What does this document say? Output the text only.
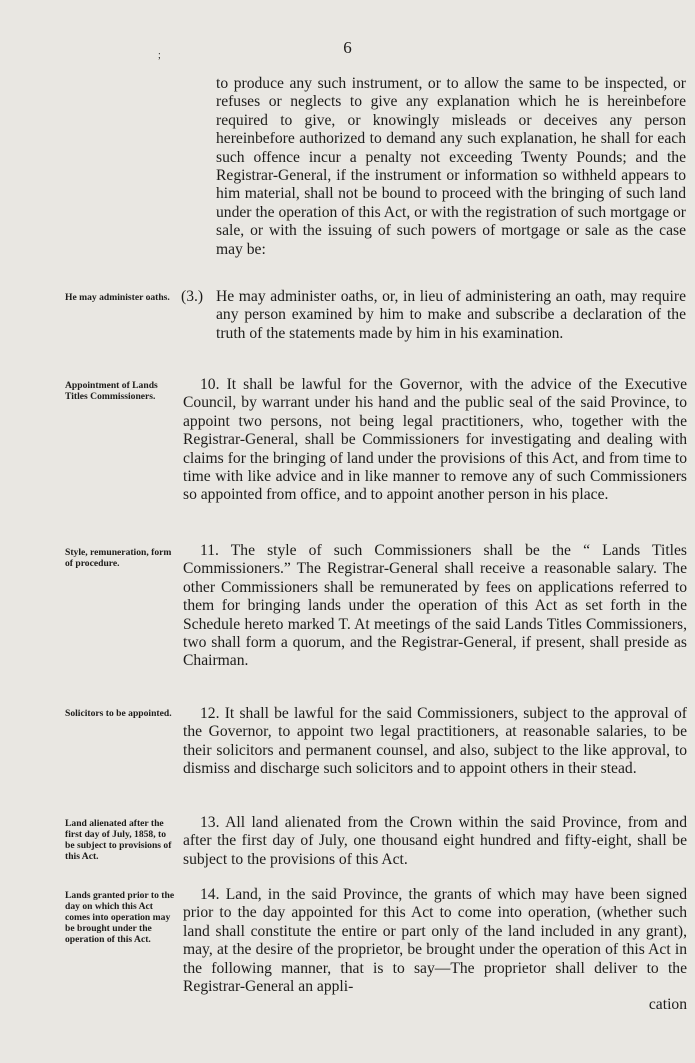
6
;
to produce any such instrument, or to allow the same to be inspected, or refuses or neglects to give any explanation which he is hereinbefore required to give, or knowingly misleads or deceives any person hereinbefore authorized to demand any such explanation, he shall for each such offence incur a penalty not exceeding Twenty Pounds; and the Registrar-General, if the instrument or information so withheld appears to him material, shall not be bound to proceed with the bringing of such land under the operation of this Act, or with the registration of such mortgage or sale, or with the issuing of such powers of mortgage or sale as the case may be:
He may administer oaths. (3.) He may administer oaths, or, in lieu of administering an oath, may require any person examined by him to make and subscribe a declaration of the truth of the statements made by him in his examination.
Appointment of Lands Titles Commissioners.
10. It shall be lawful for the Governor, with the advice of the Executive Council, by warrant under his hand and the public seal of the said Province, to appoint two persons, not being legal practitioners, who, together with the Registrar-General, shall be Commissioners for investigating and dealing with claims for the bringing of land under the provisions of this Act, and from time to time with like advice and in like manner to remove any of such Commissioners so appointed from office, and to appoint another person in his place.
Style, remuneration, form of procedure.
11. The style of such Commissioners shall be the “ Lands Titles Commissioners.” The Registrar-General shall receive a reasonable salary. The other Commissioners shall be remunerated by fees on applications referred to them for bringing lands under the operation of this Act as set forth in the Schedule hereto marked T. At meetings of the said Lands Titles Commissioners, two shall form a quorum, and the Registrar-General, if present, shall preside as Chairman.
Solicitors to be appointed.	12. It shall be lawful for the said Commissioners, subject to the approval of the Governor, to appoint two legal practitioners, at reasonable salaries, to be their solicitors and permanent counsel, and also, subject to the like approval, to dismiss and discharge such solicitors and to appoint others in their stead.
Land alienated after the first day of July, 1858, to be subject to provisions of this Act.
13. All land alienated from the Crown within the said Province, from and after the first day of July, one thousand eight hundred and fifty-eight, shall be subject to the provisions of this Act.
Lands granted prior to the day on which this Act comes into operation may be brought under the operation of this Act.
14. Land, in the said Province, the grants of which may have been signed prior to the day appointed for this Act to come into operation, (whether such land shall constitute the entire or part only of the land included in any grant), may, at the desire of the proprietor, be brought under the operation of this Act in the following manner, that is to say—The proprietor shall deliver to the Registrar-General an appli-
cation
